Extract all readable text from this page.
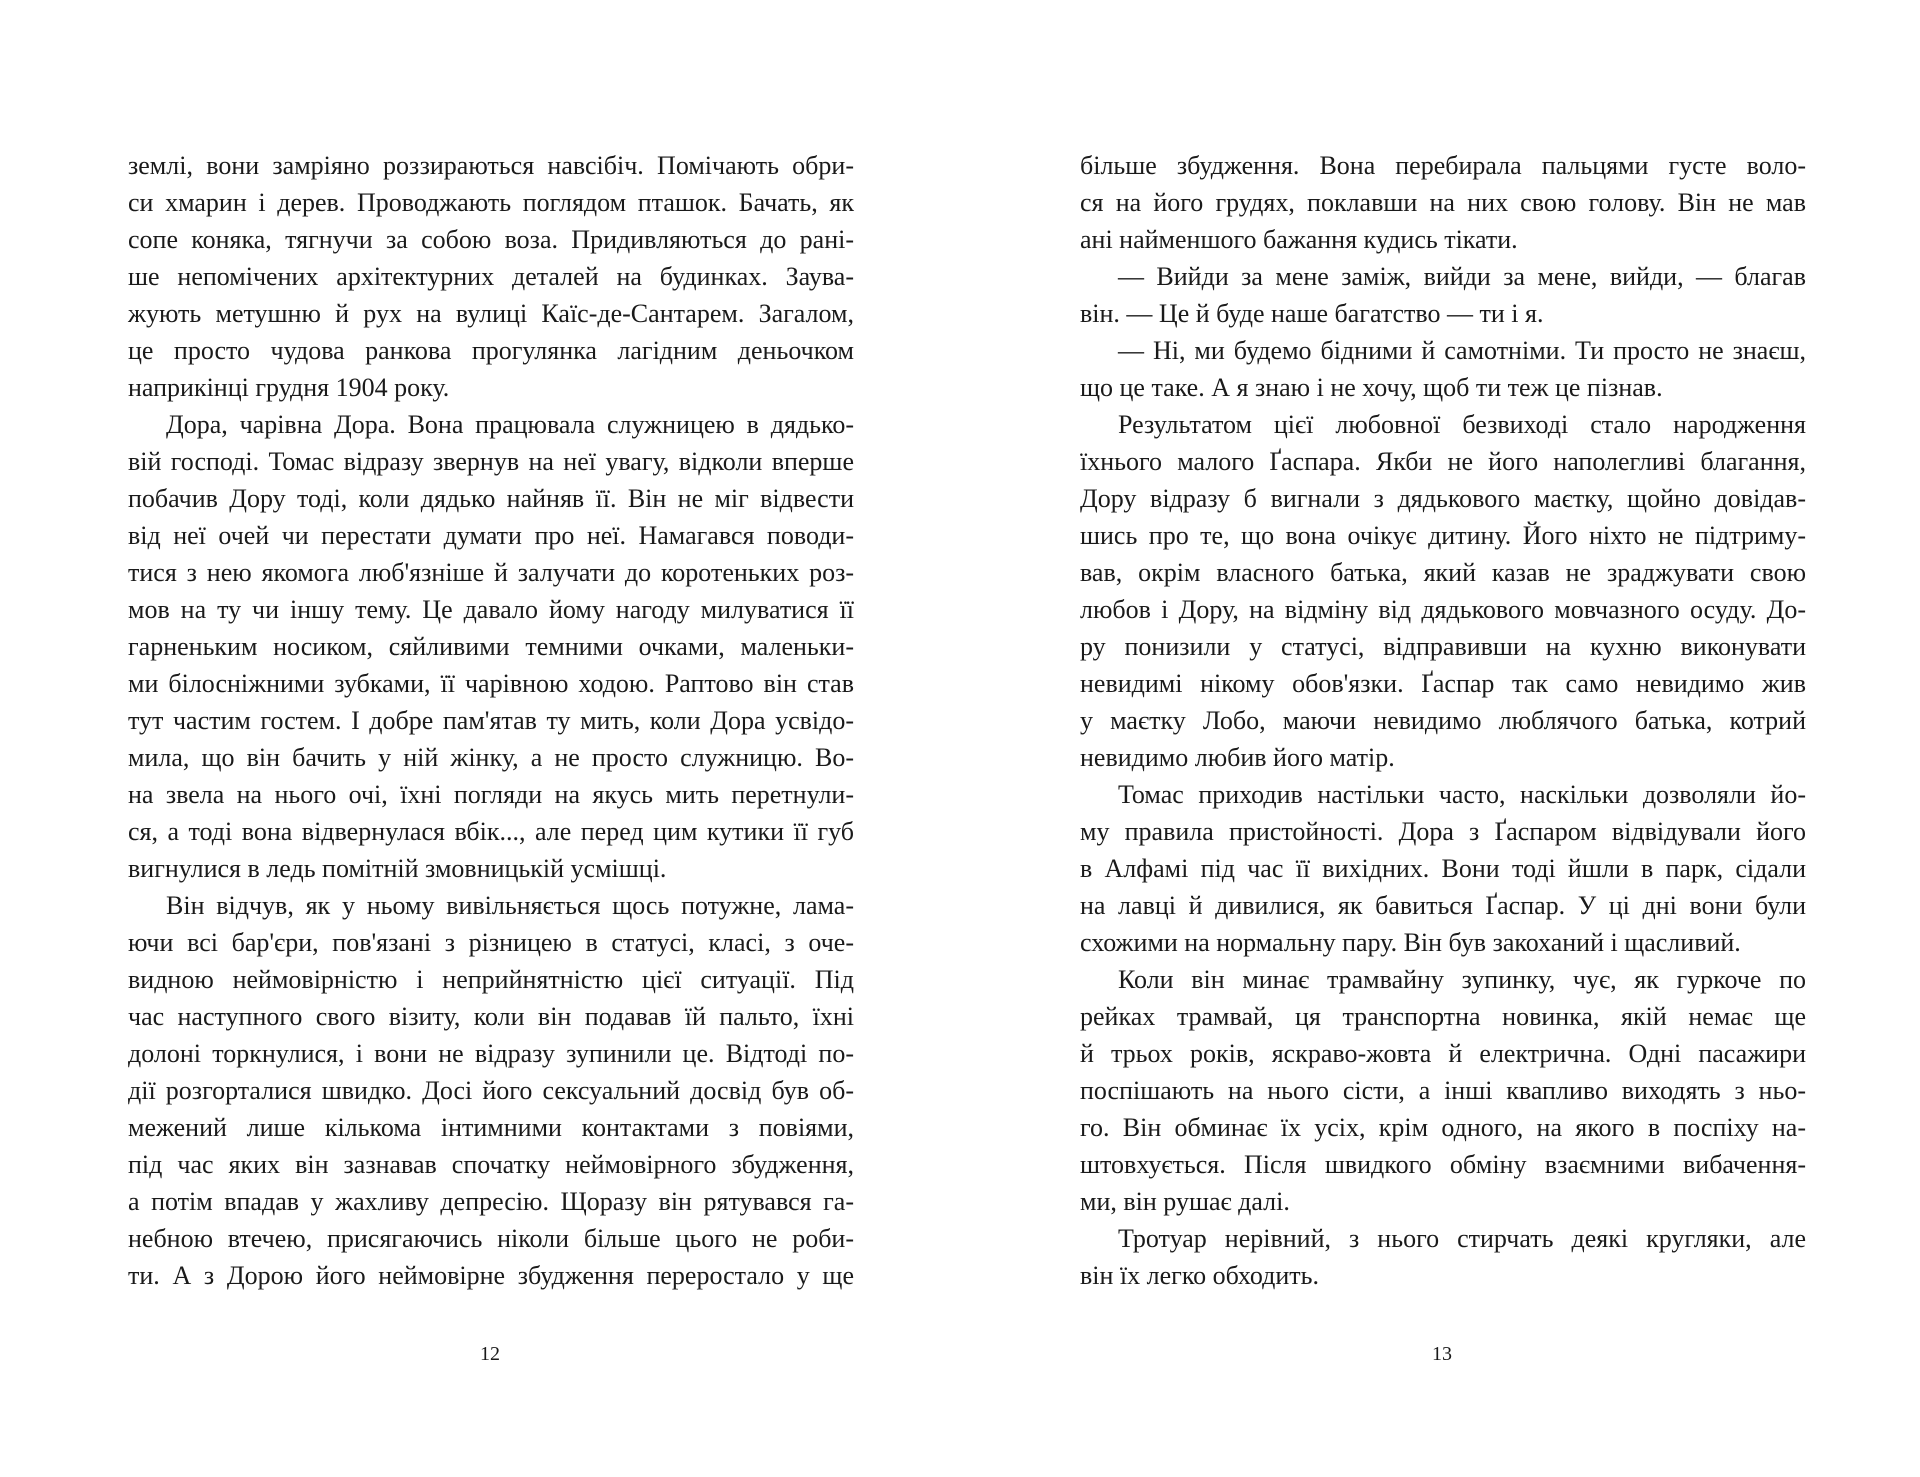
землі, вони замріяно роззираються навсібіч. Помічають обри-
си хмарин і дерев. Проводжають поглядом пташок. Бачать, як
сопе коняка, тягнучи за собою воза. Придивляються до рані-
ше непомічених архітектурних деталей на будинках. Заува-
жують метушню й рух на вулиці Каїс-де-Сантарем. Загалом,
це просто чудова ранкова прогулянка лагідним деньочком
наприкінці грудня 1904 року.
Дора, чарівна Дора. Вона працювала служницею в дядько-
вій господі. Томас відразу звернув на неї увагу, відколи вперше
побачив Дору тоді, коли дядько найняв її. Він не міг відвести
від неї очей чи перестати думати про неї. Намагався поводи-
тися з нею якомога люб'язніше й залучати до коротеньких роз-
мов на ту чи іншу тему. Це давало йому нагоду милуватися її
гарненьким носиком, сяйливими темними очками, маленьки-
ми білосніжними зубками, її чарівною ходою. Раптово він став
тут частим гостем. І добре пам'ятав ту мить, коли Дора усвідо-
мила, що він бачить у ній жінку, а не просто служницю. Во-
на звела на нього очі, їхні погляди на якусь мить перетнули-
ся, а тоді вона відвернулася вбік..., але перед цим кутики її губ
вигнулися в ледь помітній змовницькій усмішці.
Він відчув, як у ньому вивільняється щось потужне, лама-
ючи всі бар'єри, пов'язані з різницею в статусі, класі, з оче-
видною неймовірністю і неприйнятністю цієї ситуації. Під
час наступного свого візиту, коли він подавав їй пальто, їхні
долоні торкнулися, і вони не відразу зупинили це. Відтоді по-
дії розгорталися швидко. Досі його сексуальний досвід був об-
межений лише кількома інтимними контактами з повіями,
під час яких він зазнавав спочатку неймовірного збудження,
а потім впадав у жахливу депресію. Щоразу він рятувався га-
небною втечею, присягаючись ніколи більше цього не роби-
ти. А з Дорою його неймовірне збудження переростало у ще
більше збудження. Вона перебирала пальцями густе воло-
ся на його грудях, поклавши на них свою голову. Він не мав
ані найменшого бажання кудись тікати.
— Вийди за мене заміж, вийди за мене, вийди, — благав
він. — Це й буде наше багатство — ти і я.
— Ні, ми будемо бідними й самотніми. Ти просто не знаєш,
що це таке. А я знаю і не хочу, щоб ти теж це пізнав.
Результатом цієї любовної безвиході стало народження
їхнього малого Ґаспара. Якби не його наполегливі благання,
Дору відразу б вигнали з дядькового маєтку, щойно довідав-
шись про те, що вона очікує дитину. Його ніхто не підтриму-
вав, окрім власного батька, який казав не зраджувати свою
любов і Дору, на відміну від дядькового мовчазного осуду. До-
ру понизили у статусі, відправивши на кухню виконувати
невидимі нікому обов'язки. Ґаспар так само невидимо жив
у маєтку Лобо, маючи невидимо люблячого батька, котрий
невидимо любив його матір.
Томас приходив настільки часто, наскільки дозволяли йо-
му правила пристойності. Дора з Ґаспаром відвідували його
в Алфамі під час її вихідних. Вони тоді йшли в парк, сідали
на лавці й дивилися, як бавиться Ґаспар. У ці дні вони були
схожими на нормальну пару. Він був закоханий і щасливий.
Коли він минає трамвайну зупинку, чує, як гуркоче по
рейках трамвай, ця транспортна новинка, якій немає ще
й трьох років, яскраво-жовта й електрична. Одні пасажири
поспішають на нього сісти, а інші квапливо виходять з ньо-
го. Він обминає їх усіх, крім одного, на якого в поспіху на-
штовхується. Після швидкого обміну взаємними вибачення-
ми, він рушає далі.
Тротуар нерівний, з нього стирчать деякі кругляки, але
він їх легко обходить.
12	13
